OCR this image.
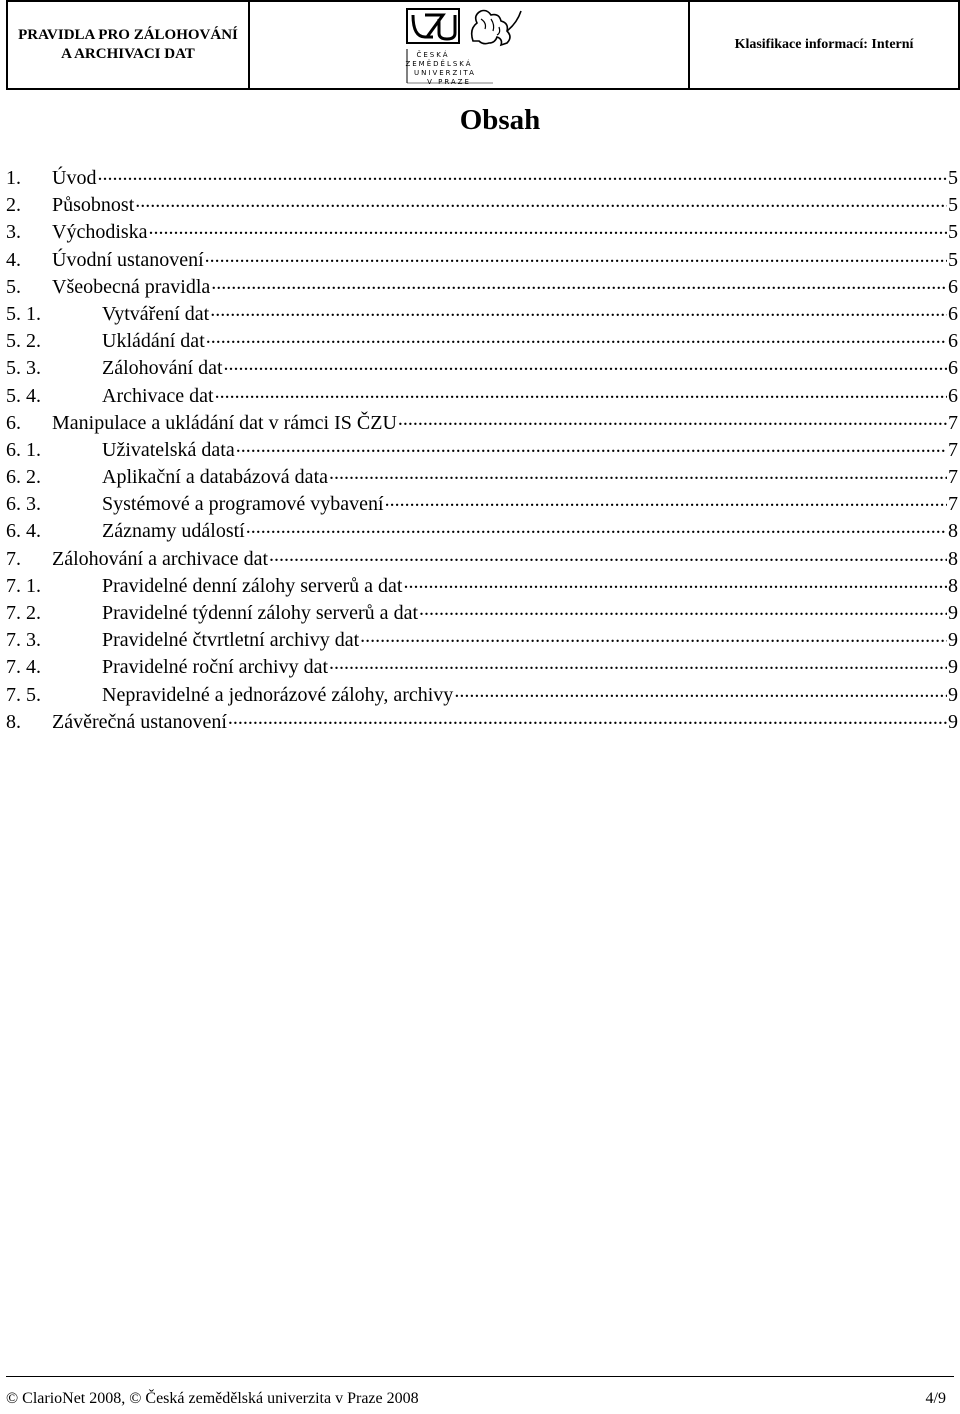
PRAVIDLA PRO ZÁLOHOVÁNÍ
A ARCHIVACI DAT	ČESKÁ
ZEMĚDĚLSKÁ
UNIVERZITA
V PRAZE
Klasifikace informací: Interní
Obsah
1.	Úvod .....	5
2.	Působnost .....	5
3.	Východiska .....	5
4.	Úvodní ustanovení .....	5
5.	Všeobecná pravidla .....	6
5. 1.	Vytváření dat .....	6
5. 2.	Ukládání dat .....	6
5. 3.	Zálohování dat .....	6
5. 4.	Archivace dat .....	6
6.	Manipulace a ukládání dat v rámci IS ČZU .....	7
6. 1.	Uživatelská data .....	7
6. 2.	Aplikační a databázová data .....	7
6. 3.	Systémové a programové vybavení .....	7
6. 4.	Záznamy událostí .....	8
7.	Zálohování a archivace dat .....	8
7. 1.	Pravidelné denní zálohy serverů a dat .....	8
7. 2.	Pravidelné týdenní zálohy serverů a dat .....	9
7. 3.	Pravidelné čtvrtletní archivy dat .....	9
7. 4.	Pravidelné roční archivy dat .....	9
7. 5.	Nepravidelné a jednorázové zálohy, archivy .....	9
8.	Závěrečná ustanovení .....	9
© ClarioNet 2008, © Česká zemědělská univerzita v Praze 2008	4/9
